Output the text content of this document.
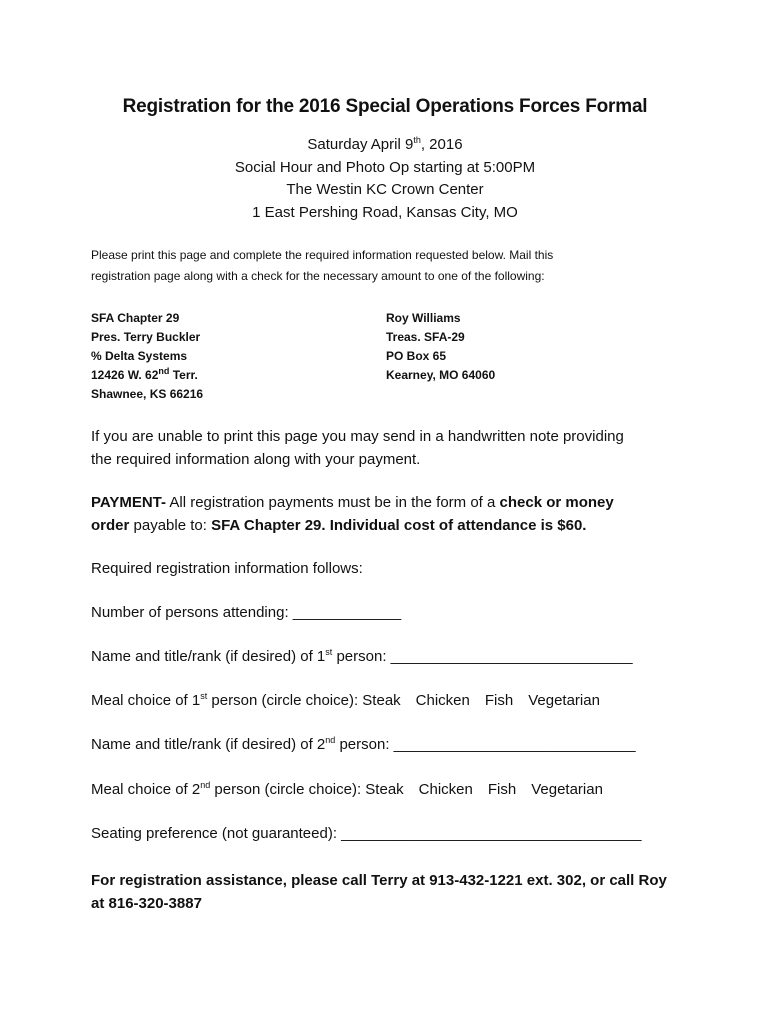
Registration for the 2016 Special Operations Forces Formal
Saturday April 9th, 2016
Social Hour and Photo Op starting at 5:00PM
The Westin KC Crown Center
1 East Pershing Road, Kansas City, MO
Please print this page and complete the required information requested below. Mail this
registration page along with a check for the necessary amount to one of the following:
SFA Chapter 29
Pres. Terry Buckler
% Delta Systems
12426 W. 62nd Terr.
Shawnee, KS 66216
Roy Williams
Treas. SFA-29
PO Box 65
Kearney, MO 64060
If you are unable to print this page you may send in a handwritten note providing
the required information along with your payment.
PAYMENT- All registration payments must be in the form of a check or money
order payable to: SFA Chapter 29. Individual cost of attendance is $60.
Required registration information follows:
Number of persons attending: _____________
Name and title/rank (if desired) of 1st person: _____________________________
Meal choice of 1st person (circle choice): Steak Chicken Fish Vegetarian
Name and title/rank (if desired) of 2nd person: _____________________________
Meal choice of 2nd person (circle choice): Steak Chicken Fish Vegetarian
Seating preference (not guaranteed): ____________________________________
For registration assistance, please call Terry at 913-432-1221 ext. 302, or call Roy
at 816-320-3887
